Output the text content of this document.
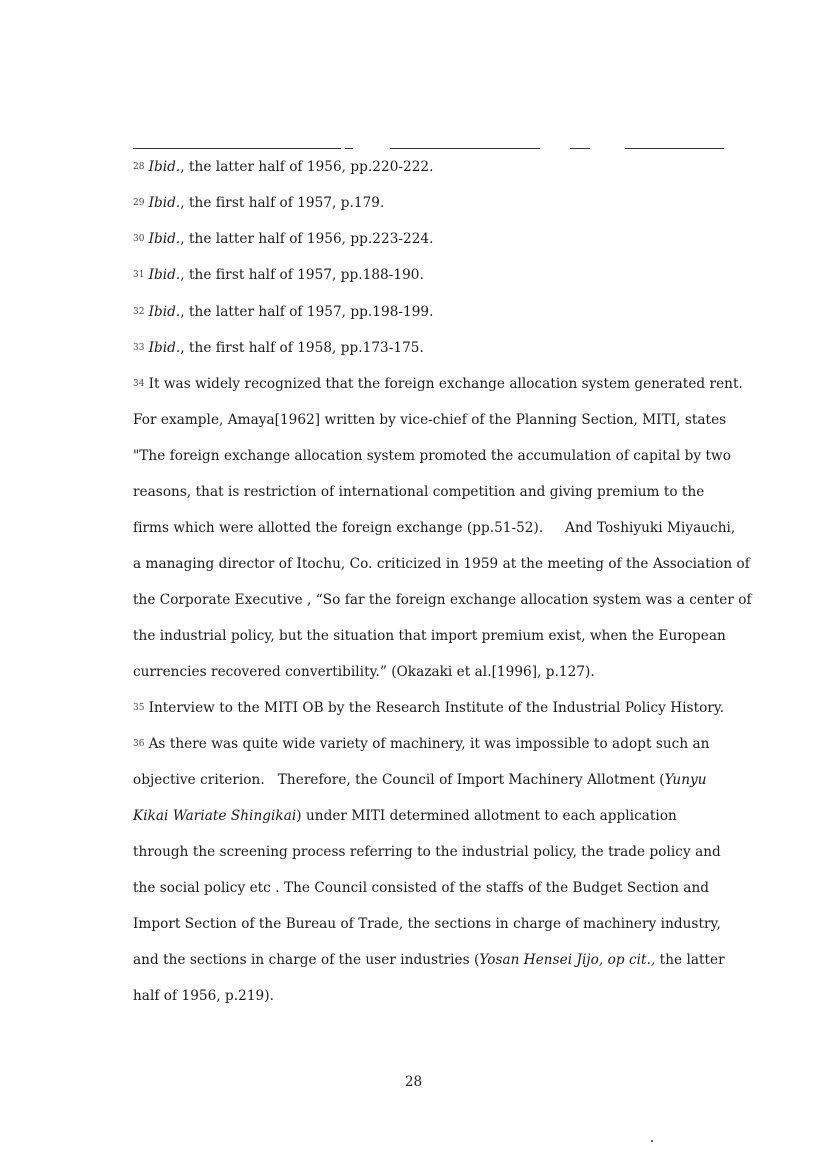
28 Ibid., the latter half of 1956, pp.220-222.
29 Ibid., the first half of 1957, p.179.
30 Ibid., the latter half of 1956, pp.223-224.
31 Ibid., the first half of 1957, pp.188-190.
32 Ibid., the latter half of 1957, pp.198-199.
33 Ibid., the first half of 1958, pp.173-175.
34 It was widely recognized that the foreign exchange allocation system generated rent.
For example, Amaya[1962] written by vice-chief of the Planning Section, MITI, states
"The foreign exchange allocation system promoted the accumulation of capital by two
reasons, that is restriction of international competition and giving premium to the
firms which were allotted the foreign exchange (pp.51-52).     And Toshiyuki Miyauchi,
a managing director of Itochu, Co. criticized in 1959 at the meeting of the Association of
the Corporate Executive , “So far the foreign exchange allocation system was a center of
the industrial policy, but the situation that import premium exist, when the European
currencies recovered convertibility.” (Okazaki et al.[1996], p.127).
35 Interview to the MITI OB by the Research Institute of the Industrial Policy History.
36 As there was quite wide variety of machinery, it was impossible to adopt such an
objective criterion.   Therefore, the Council of Import Machinery Allotment (Yunyu
Kikai Wariate Shingikai) under MITI determined allotment to each application
through the screening process referring to the industrial policy, the trade policy and
the social policy etc . The Council consisted of the staffs of the Budget Section and
Import Section of the Bureau of Trade, the sections in charge of machinery industry,
and the sections in charge of the user industries (Yosan Hensei Jijo, op cit., the latter
half of 1956, p.219).
28
